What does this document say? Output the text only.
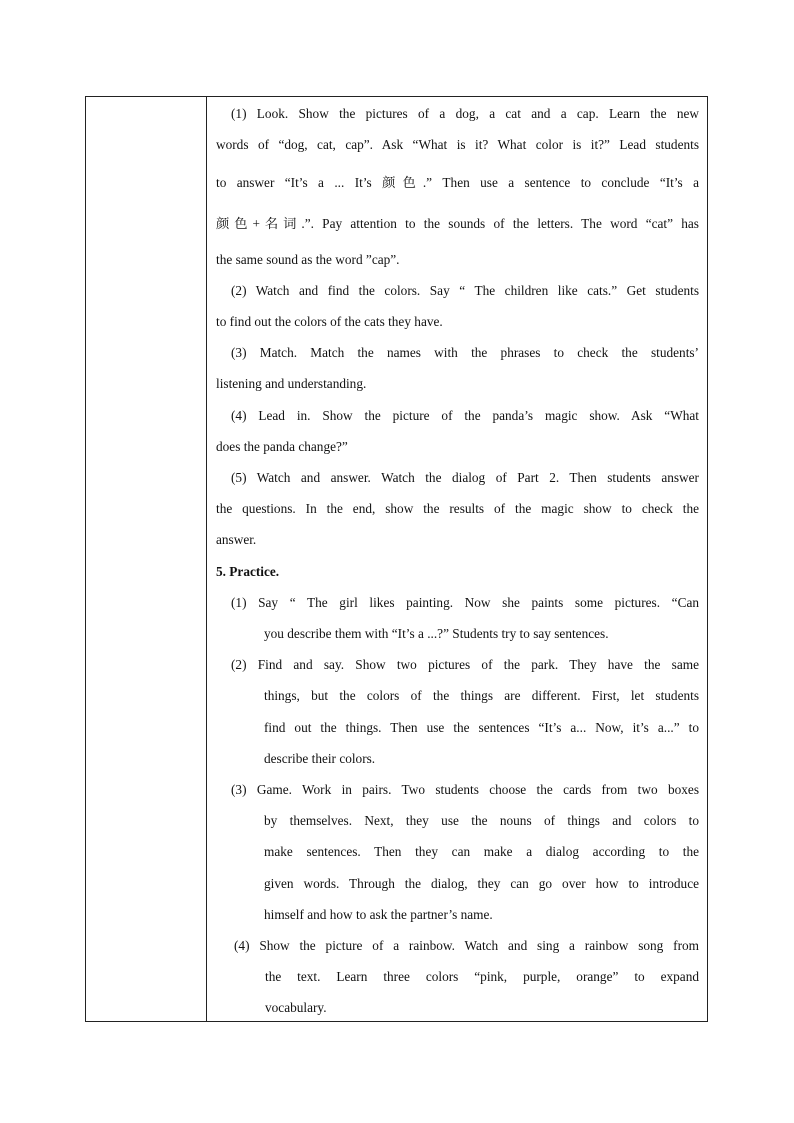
(1) Look. Show the pictures of a dog, a cat and a cap. Learn the new
words of “dog, cat, cap”. Ask “What is it? What color is it?” Lead students
to answer “It’s a ... It’s 颜色.” Then use a sentence to conclude “It’s a
颜色+名词.”. Pay attention to the sounds of the letters. The word “cat” has
the same sound as the word ”cap”.
(2) Watch and find the colors. Say “ The children like cats.” Get students
to find out the colors of the cats they have.
(3) Match. Match the names with the phrases to check the students’
listening and understanding.
(4) Lead in. Show the picture of the panda’s magic show. Ask “What
does the panda change?”
(5) Watch and answer. Watch the dialog of Part 2. Then students answer
the questions. In the end, show the results of the magic show to check the
answer.
5. Practice.
(1) Say “ The girl likes painting. Now she paints some pictures. “Can
you describe them with “It’s a ...?” Students try to say sentences.
(2) Find and say. Show two pictures of the park. They have the same
things, but the colors of the things are different. First, let students
find out the things. Then use the sentences “It’s a... Now, it’s a...” to
describe their colors.
(3) Game. Work in pairs. Two students choose the cards from two boxes
by themselves. Next, they use the nouns of things and colors to
make sentences. Then they can make a dialog according to the
given words. Through the dialog, they can go over how to introduce
himself and how to ask the partner’s name.
(4) Show the picture of a rainbow. Watch and sing a rainbow song from
the text. Learn three colors “pink, purple, orange” to expand
vocabulary.
